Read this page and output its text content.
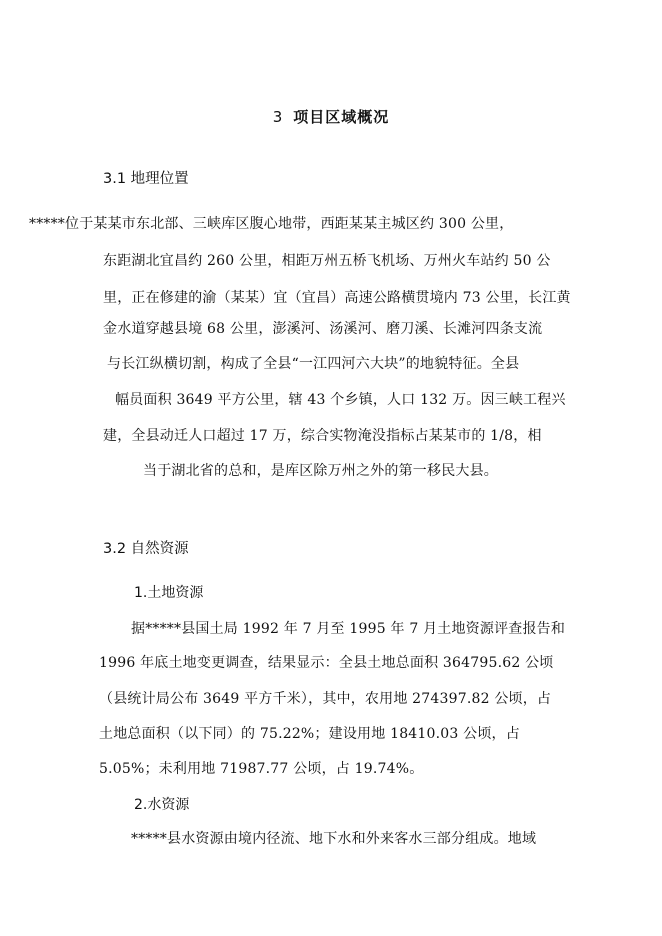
3 项目区域概况
3.1 地理位置
*****位于某某市东北部、三峡库区腹心地带，西距某某主城区约 300 公里，
东距湖北宜昌约 260 公里，相距万州五桥飞机场、万州火车站约 50 公
里，正在修建的渝（某某）宜（宜昌）高速公路横贯境内 73 公里，长江黄
金水道穿越县境 68 公里，澎溪河、汤溪河、磨刀溪、长滩河四条支流
与长江纵横切割，构成了全县“一江四河六大块”的地貌特征。全县
幅员面积 3649 平方公里，辖 43 个乡镇，人口 132 万。因三峡工程兴
建，全县动迁人口超过 17 万，综合实物淹没指标占某某市的 1/8，相
当于湖北省的总和，是库区除万州之外的第一移民大县。
3.2 自然资源
1.土地资源
据*****县国土局 1992 年 7 月至 1995 年 7 月土地资源评查报告和
1996 年底土地变更调查，结果显示：全县土地总面积 364795.62 公顷
（县统计局公布 3649 平方千米），其中，农用地 274397.82 公顷，占
土地总面积（以下同）的 75.22%；建设用地 18410.03 公顷，占
5.05%；未利用地 71987.77 公顷，占 19.74%。
2.水资源
*****县水资源由境内径流、地下水和外来客水三部分组成。地域
